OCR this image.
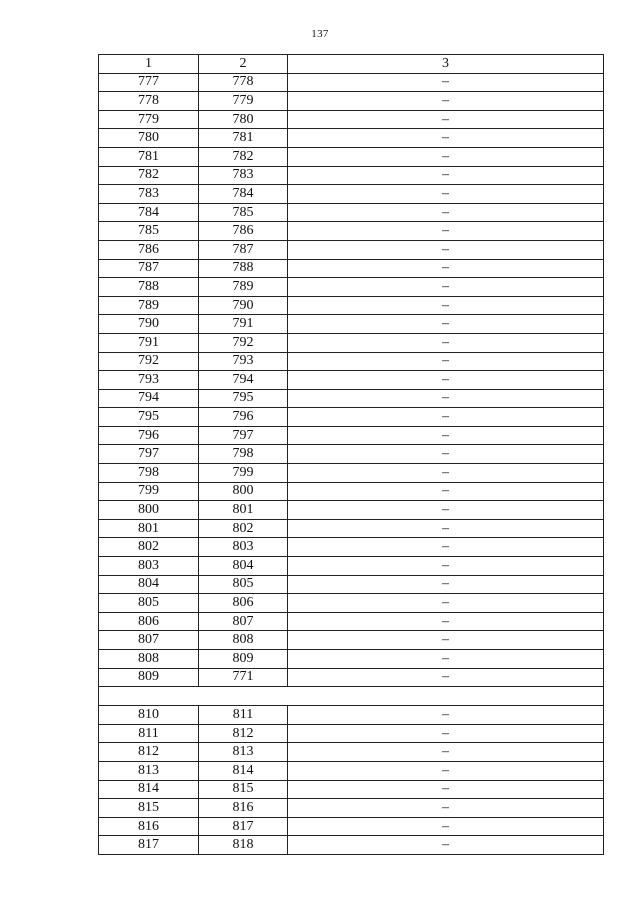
137
1	2	3
777	778	–
778	779	–
779	780	–
780	781	–
781	782	–
782	783	–
783	784	–
784	785	–
785	786	–
786	787	–
787	788	–
788	789	–
789	790	–
790	791	–
791	792	–
792	793	–
793	794	–
794	795	–
795	796	–
796	797	–
797	798	–
798	799	–
799	800	–
800	801	–
801	802	–
802	803	–
803	804	–
804	805	–
805	806	–
806	807	–
807	808	–
808	809	–
809	771	–

810	811	–
811	812	–
812	813	–
813	814	–
814	815	–
815	816	–
816	817	–
817	818	–
